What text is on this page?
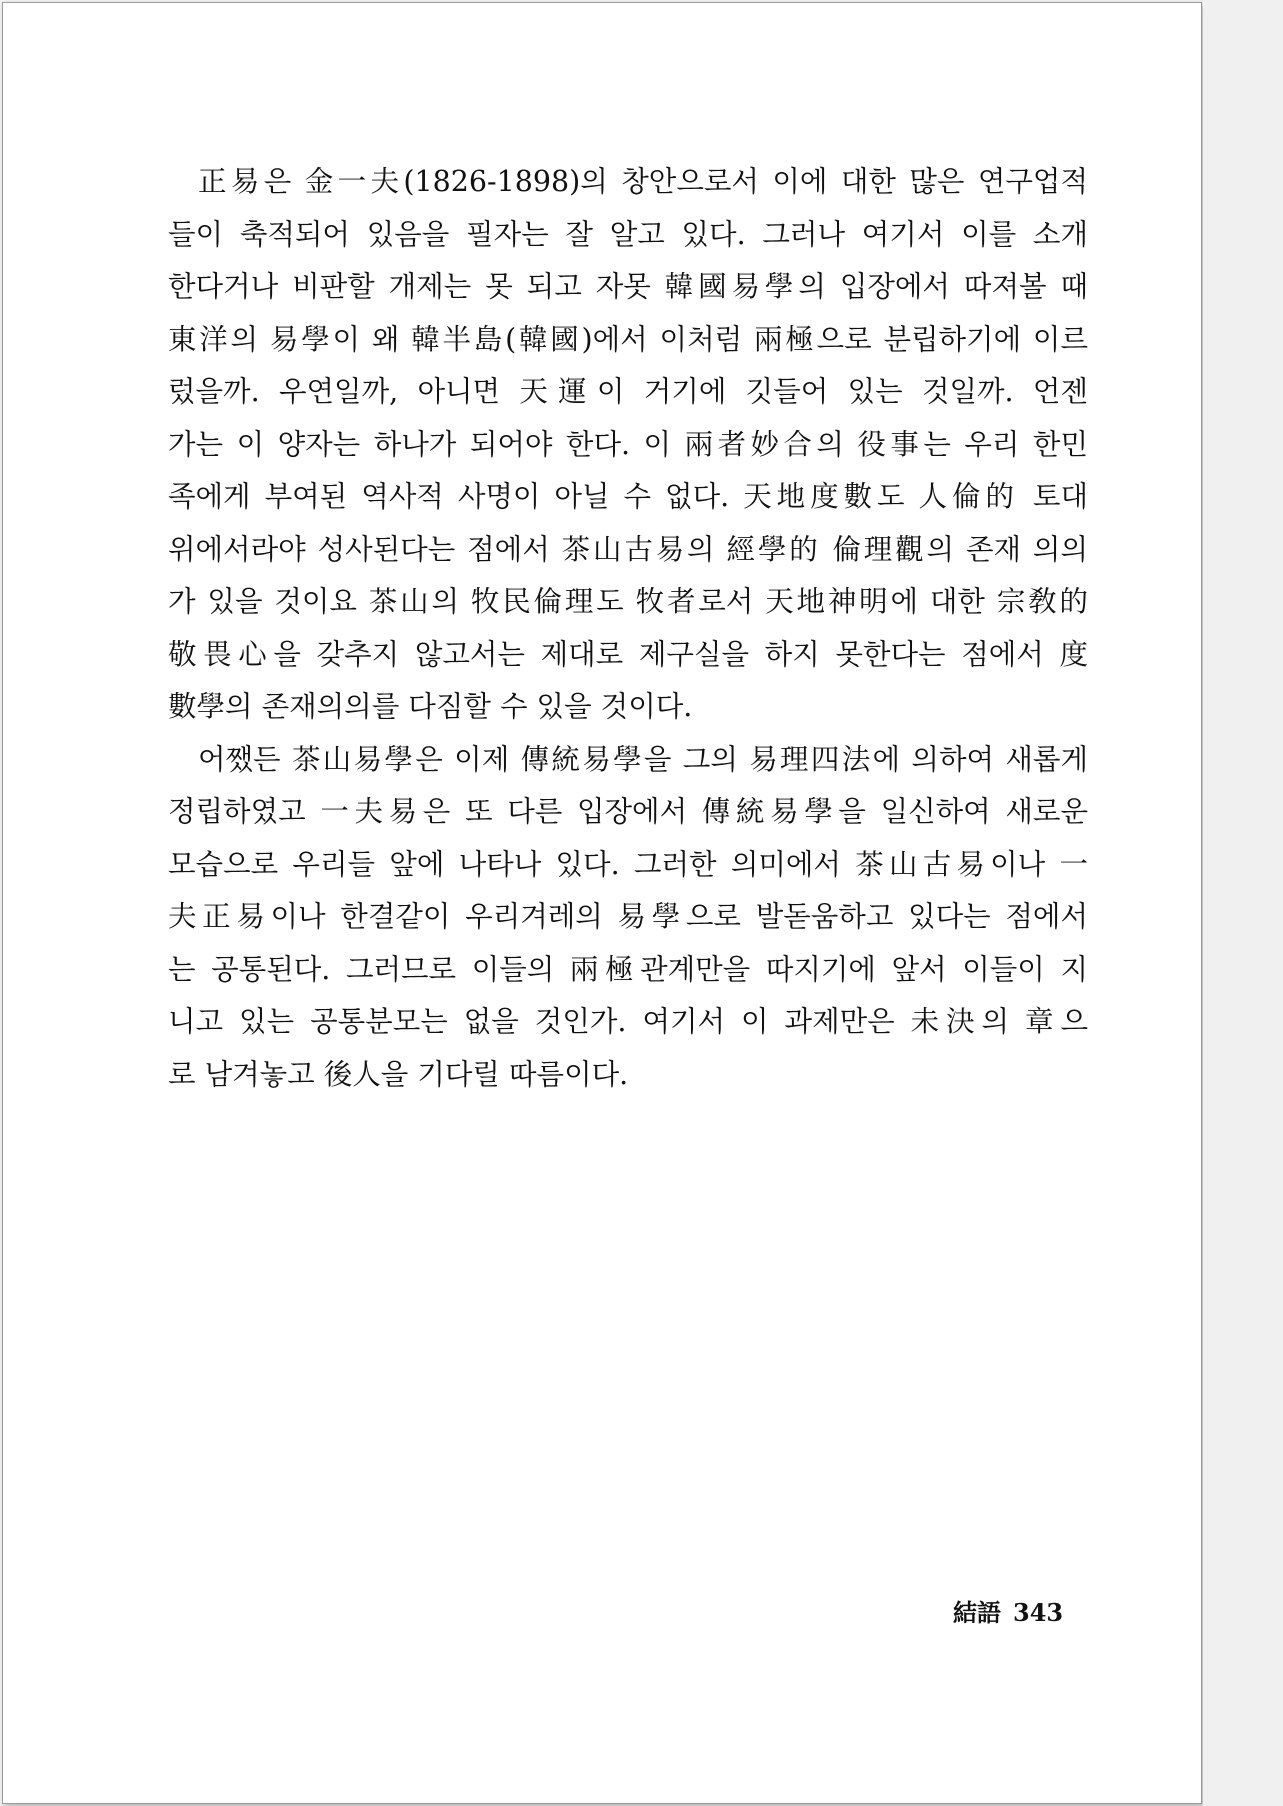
正易은 金一夫(1826-1898)의 창안으로서 이에 대한 많은 연구업적
들이 축적되어 있음을 필자는 잘 알고 있다. 그러나 여기서 이를 소개
한다거나 비판할 개제는 못 되고 자못 韓國易學의 입장에서 따져볼 때
東洋의 易學이 왜 韓半島(韓國)에서 이처럼 兩極으로 분립하기에 이르
렀을까. 우연일까, 아니면 天運이 거기에 깃들어 있는 것일까. 언젠
가는 이 양자는 하나가 되어야 한다. 이 兩者妙合의 役事는 우리 한민
족에게 부여된 역사적 사명이 아닐 수 없다. 天地度數도 人倫的 토대
위에서라야 성사된다는 점에서 茶山古易의 經學的 倫理觀의 존재 의의
가 있을 것이요 茶山의 牧民倫理도 牧者로서 天地神明에 대한 宗敎的
敬畏心을 갖추지 않고서는 제대로 제구실을 하지 못한다는 점에서 度
數學의 존재의의를 다짐할 수 있을 것이다.
어쨌든 茶山易學은 이제 傳統易學을 그의 易理四法에 의하여 새롭게
정립하였고 一夫易은 또 다른 입장에서 傳統易學을 일신하여 새로운
모습으로 우리들 앞에 나타나 있다. 그러한 의미에서 茶山古易이나 一
夫正易이나 한결같이 우리겨레의 易學으로 발돋움하고 있다는 점에서
는 공통된다. 그러므로 이들의 兩極관계만을 따지기에 앞서 이들이 지
니고 있는 공통분모는 없을 것인가. 여기서 이 과제만은 未決의 章으
로 남겨놓고 後人을 기다릴 따름이다.
結語 343
